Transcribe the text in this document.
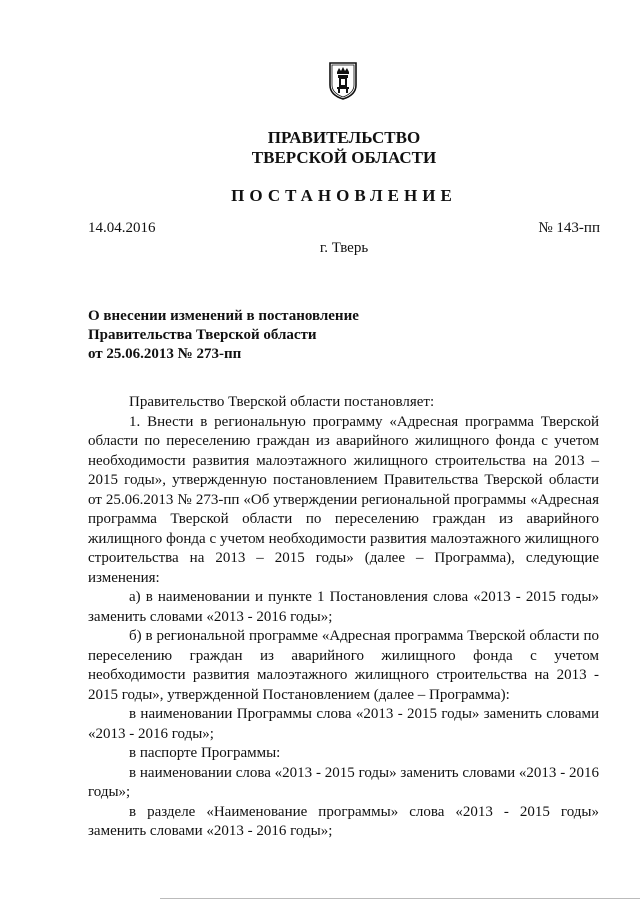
ПРАВИТЕЛЬСТВО
ТВЕРСКОЙ ОБЛАСТИ
ПОСТАНОВЛЕНИЕ
14.04.2016	№ 143-пп
г. Тверь
О внесении изменений в постановление
Правительства Тверской области
от 25.06.2013 № 273-пп

Правительство Тверской области постановляет:

1. Внести в региональную программу «Адресная программа Тверской области по переселению граждан из аварийного жилищного фонда с учетом необходимости развития малоэтажного жилищного строительства на 2013 – 2015 годы», утвержденную постановлением Правительства Тверской области от 25.06.2013 № 273-пп «Об утверждении региональной программы «Адресная программа Тверской области по переселению граждан из аварийного жилищного фонда с учетом необходимости развития малоэтажного жилищного строительства на 2013 – 2015 годы» (далее – Программа), следующие изменения:

а) в наименовании и пункте 1 Постановления слова «2013 - 2015 годы» заменить словами «2013 - 2016 годы»;

б) в региональной программе «Адресная программа Тверской области по переселению граждан из аварийного жилищного фонда с учетом необходимости развития малоэтажного жилищного строительства на 2013 - 2015 годы», утвержденной Постановлением (далее – Программа):

в наименовании Программы слова «2013 - 2015 годы» заменить словами «2013 - 2016 годы»;

в паспорте Программы:

в наименовании слова «2013 - 2015 годы» заменить словами «2013 - 2016 годы»;

в разделе «Наименование программы» слова «2013 - 2015 годы» заменить словами «2013 - 2016 годы»;
